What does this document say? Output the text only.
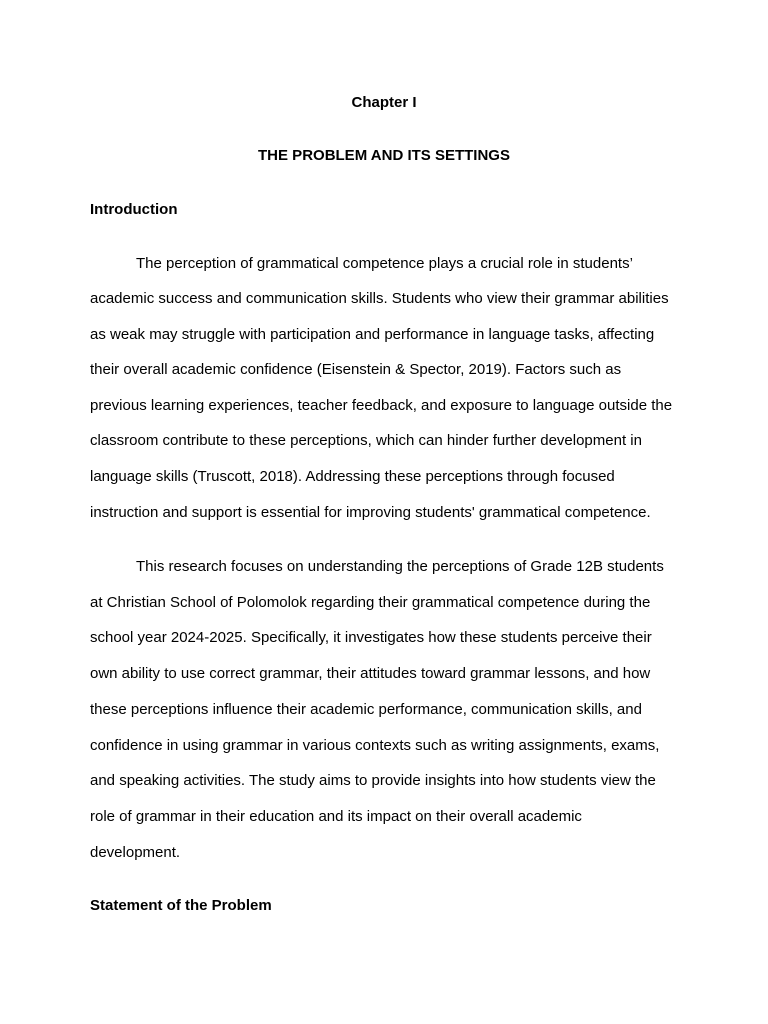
Chapter I
THE PROBLEM AND ITS SETTINGS
Introduction
The perception of grammatical competence plays a crucial role in students’
academic success and communication skills. Students who view their grammar abilities
as weak may struggle with participation and performance in language tasks, affecting
their overall academic confidence (Eisenstein & Spector, 2019). Factors such as
previous learning experiences, teacher feedback, and exposure to language outside the
classroom contribute to these perceptions, which can hinder further development in
language skills (Truscott, 2018). Addressing these perceptions through focused
instruction and support is essential for improving students' grammatical competence.
This research focuses on understanding the perceptions of Grade 12B students
at Christian School of Polomolok regarding their grammatical competence during the
school year 2024-2025. Specifically, it investigates how these students perceive their
own ability to use correct grammar, their attitudes toward grammar lessons, and how
these perceptions influence their academic performance, communication skills, and
confidence in using grammar in various contexts such as writing assignments, exams,
and speaking activities. The study aims to provide insights into how students view the
role of grammar in their education and its impact on their overall academic
development.
Statement of the Problem
